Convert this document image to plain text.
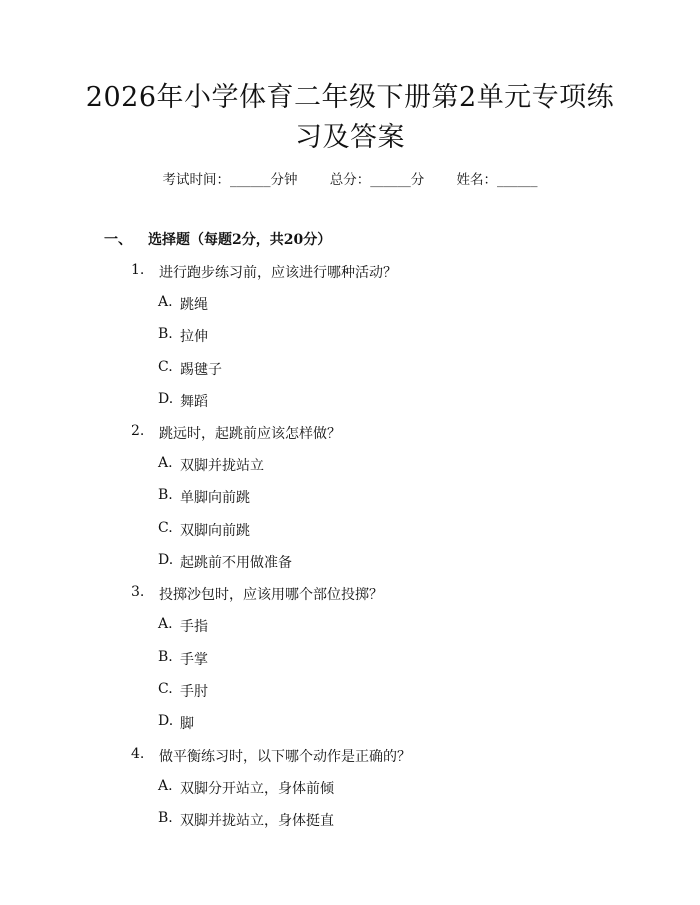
2026年小学体育二年级下册第2单元专项练
习及答案
考试时间：______分钟 总分：______分 姓名：______
一、 选择题（每题2分，共20分）
1. 进行跑步练习前，应该进行哪种活动？
A. 跳绳
B. 拉伸
C. 踢毽子
D. 舞蹈
2. 跳远时，起跳前应该怎样做？
A. 双脚并拢站立
B. 单脚向前跳
C. 双脚向前跳
D. 起跳前不用做准备
3. 投掷沙包时，应该用哪个部位投掷？
A. 手指
B. 手掌
C. 手肘
D. 脚
4. 做平衡练习时，以下哪个动作是正确的？
A. 双脚分开站立，身体前倾
B. 双脚并拢站立，身体挺直
